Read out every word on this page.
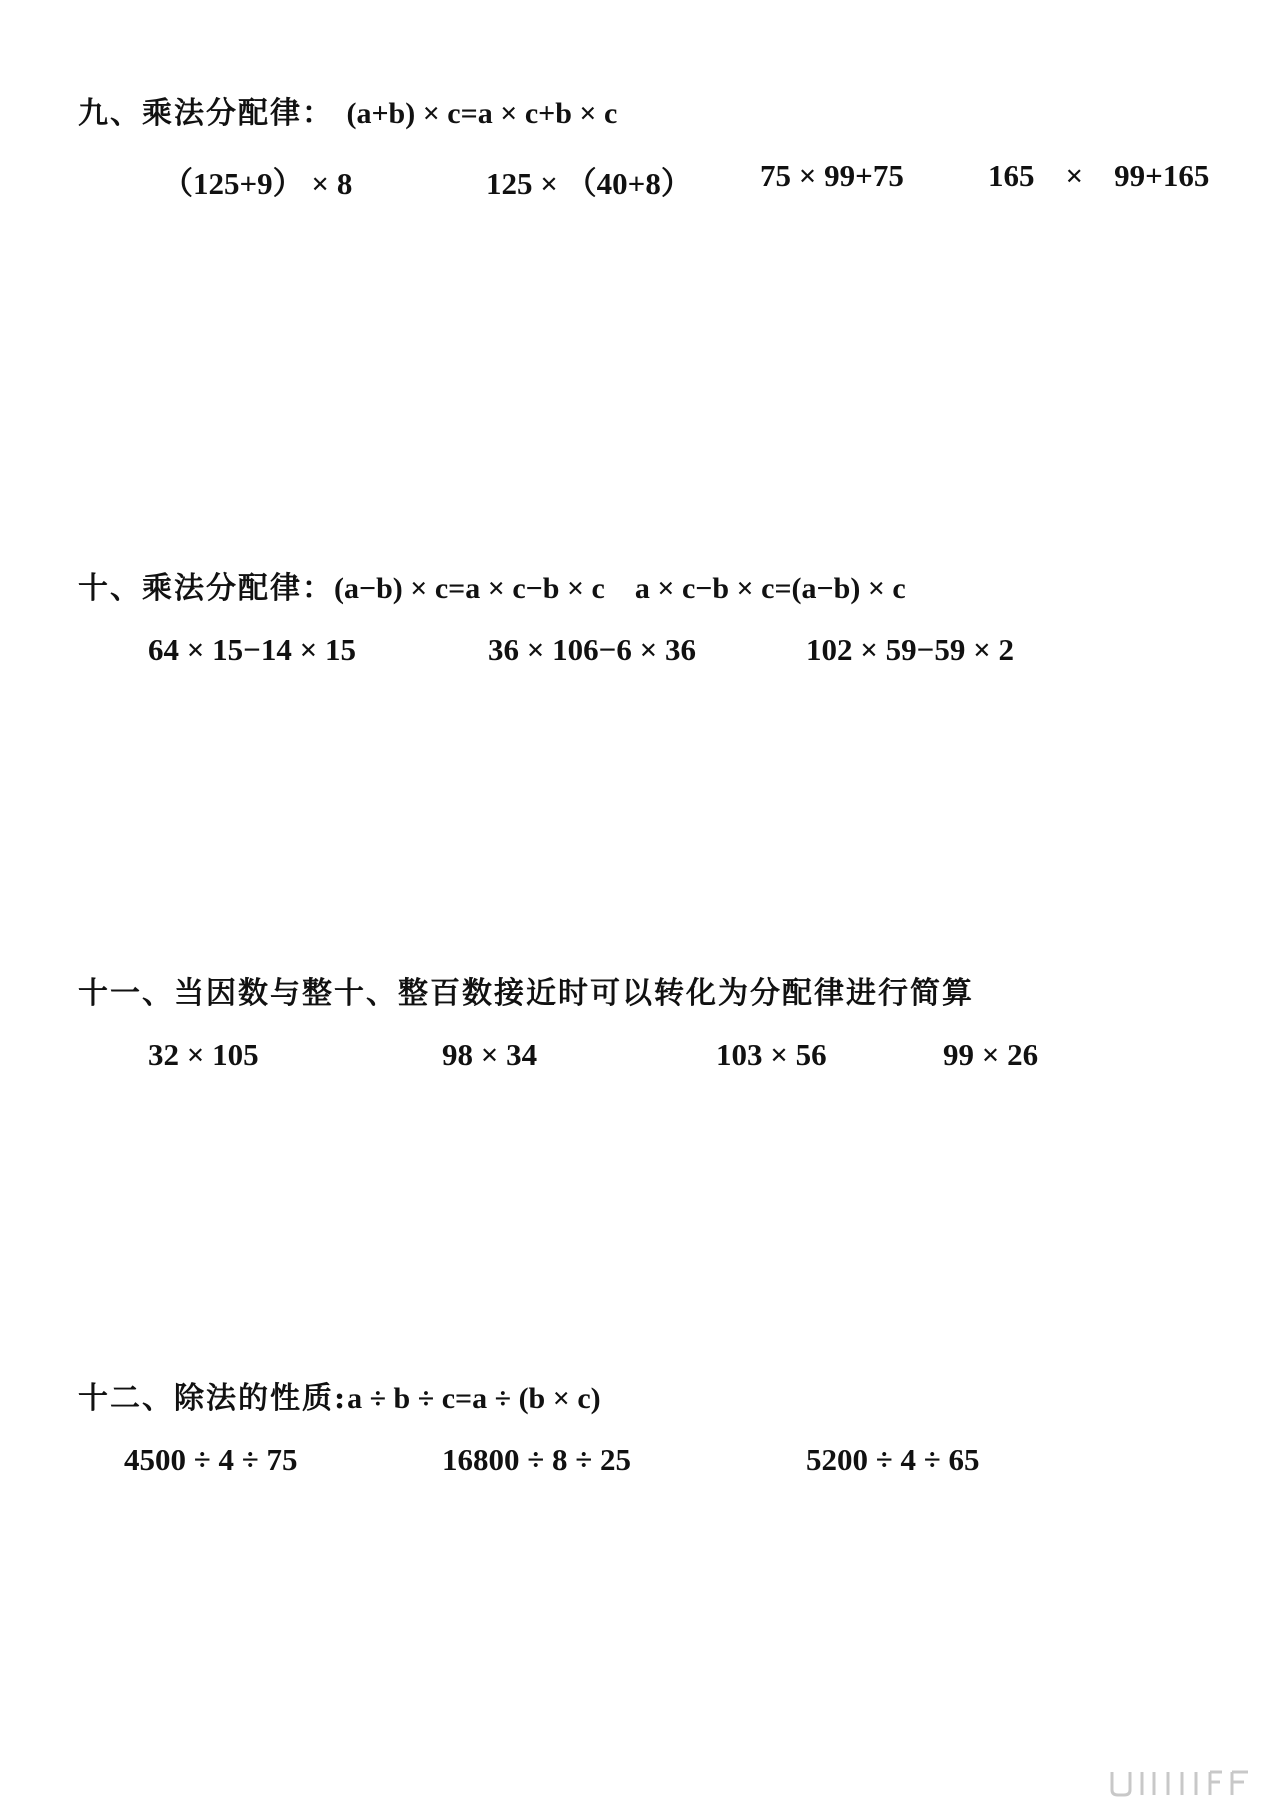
九、乘法分配律： (a+b) × c=a × c+b × c
（125+9） × 8	125 × （40+8） 75 × 99+75	165    ×    99+165
十、乘法分配律：(a−b) × c=a × c−b × c    a × c−b × c=(a−b) × c
64 × 15−14 × 15	36 × 106−6 × 36	102 × 59−59 × 2
十一、当因数与整十、整百数接近时可以转化为分配律进行简算
32 × 105	98 × 34	103 × 56	99 × 26
十二、除法的性质:a ÷ b ÷ c=a ÷ (b × c)
4500 ÷ 4 ÷ 75	16800 ÷ 8 ÷ 25	5200 ÷ 4 ÷ 65
